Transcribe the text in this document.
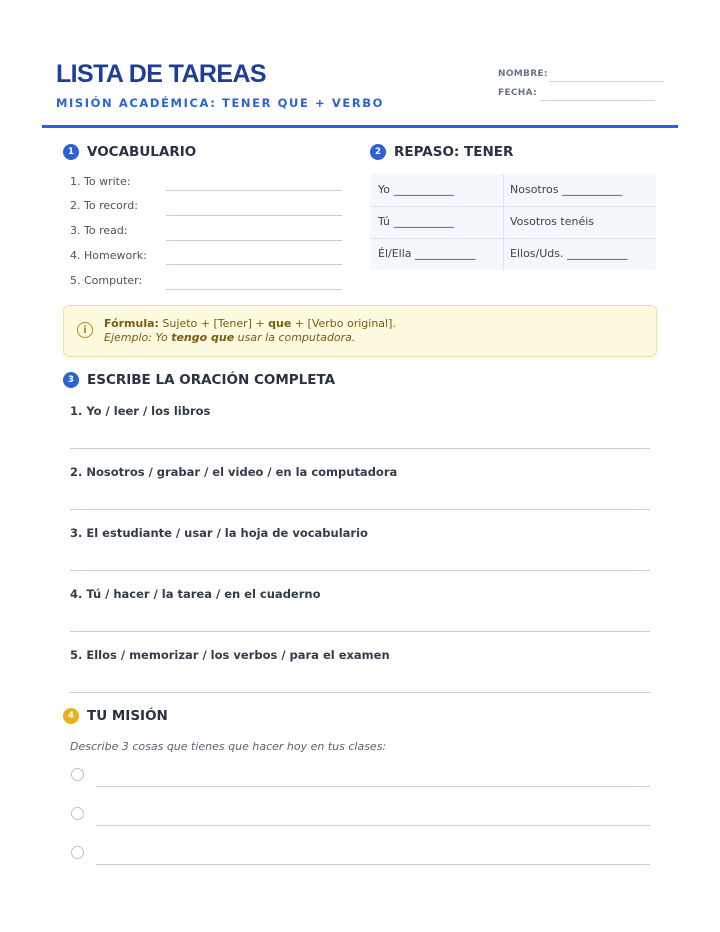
LISTA DE TAREAS
MISIÓN ACADÉMICA: TENER QUE + VERBO
NOMBRE:
FECHA:
1 VOCABULARIO
1. To write:
2. To record:
3. To read:
4. Homework:
5. Computer:
2 REPASO: TENER
Yo ___________	Nosotros ___________
Tú ___________	Vosotros tenéis
Él/Ella ___________	Ellos/Uds. ___________
i	Fórmula: Sujeto + [Tener] + que + [Verbo original].
Ejemplo: Yo tengo que usar la computadora.
3 ESCRIBE LA ORACIÓN COMPLETA
1. Yo / leer / los libros
2. Nosotros / grabar / el video / en la computadora
3. El estudiante / usar / la hoja de vocabulario
4. Tú / hacer / la tarea / en el cuaderno
5. Ellos / memorizar / los verbos / para el examen
4 TU MISIÓN
Describe 3 cosas que tienes que hacer hoy en tus clases:
